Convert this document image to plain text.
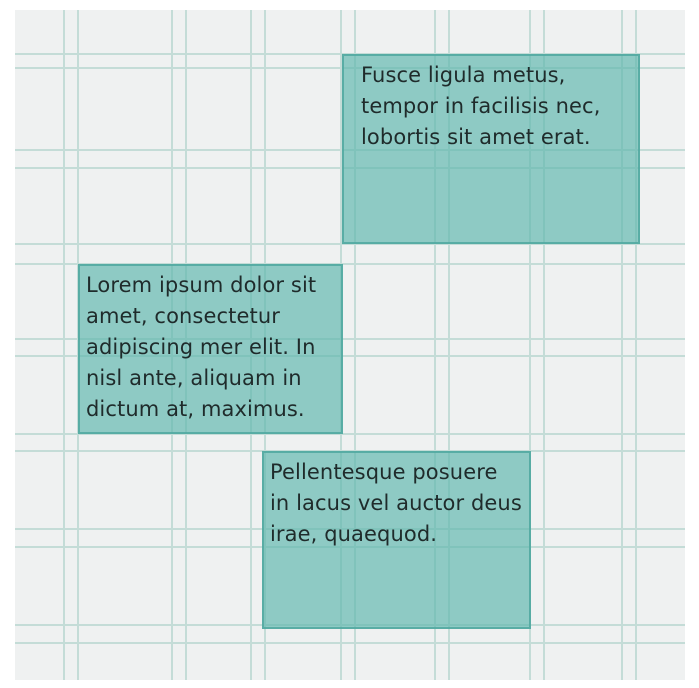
Fusce ligula metus, tempor in facilisis nec, lobortis sit amet erat.
Lorem ipsum dolor sit amet, consectetur adipiscing mer elit. In nisl ante, aliquam in dictum at, maximus.
Pellentesque posuere in lacus vel auctor deus irae, quaequod.
